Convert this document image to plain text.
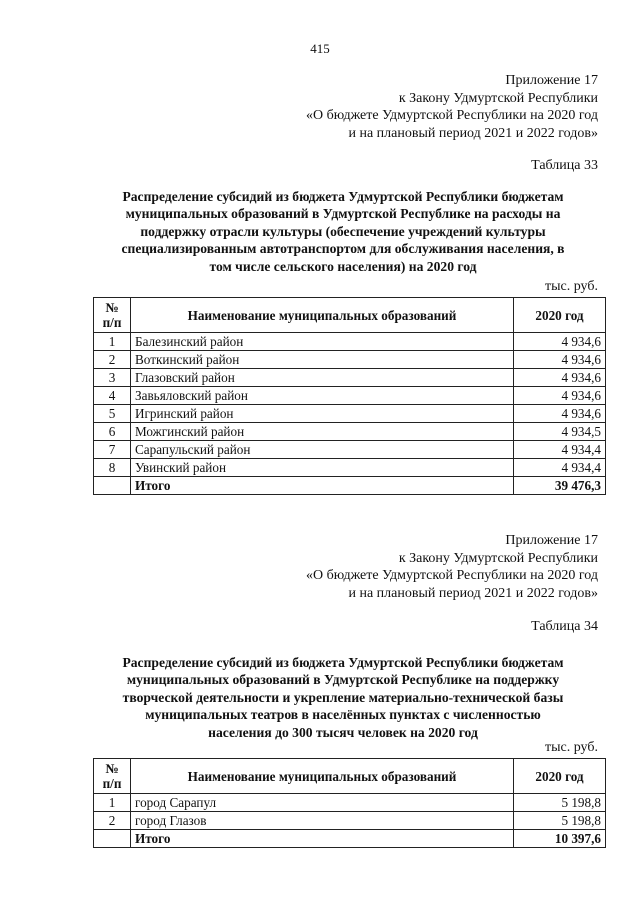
415
Приложение 17
к Закону Удмуртской Республики
«О бюджете Удмуртской Республики на 2020 год
и на плановый период 2021 и 2022 годов»
Таблица 33
Распределение субсидий из бюджета Удмуртской Республики бюджетам
муниципальных образований в Удмуртской Республике на расходы на
поддержку отрасли культуры (обеспечение учреждений культуры
специализированным автотранспортом для обслуживания населения, в
том числе сельского населения) на 2020 год
тыс. руб.
№
п/п	Наименование муниципальных образований	2020 год
1	Балезинский район	4 934,6
2	Воткинский район	4 934,6
3	Глазовский район	4 934,6
4	Завьяловский район	4 934,6
5	Игринский район	4 934,6
6	Можгинский район	4 934,5
7	Сарапульский район	4 934,4
8	Увинский район	4 934,4
	Итого	39 476,3
Приложение 17
к Закону Удмуртской Республики
«О бюджете Удмуртской Республики на 2020 год
и на плановый период 2021 и 2022 годов»
Таблица 34
Распределение субсидий из бюджета Удмуртской Республики бюджетам
муниципальных образований в Удмуртской Республике на поддержку
творческой деятельности и укрепление материально-технической базы
муниципальных театров в населённых пунктах с численностью
населения до 300 тысяч человек на 2020 год
тыс. руб.
№
п/п	Наименование муниципальных образований	2020 год
1	город Сарапул	5 198,8
2	город Глазов	5 198,8
	Итого	10 397,6
